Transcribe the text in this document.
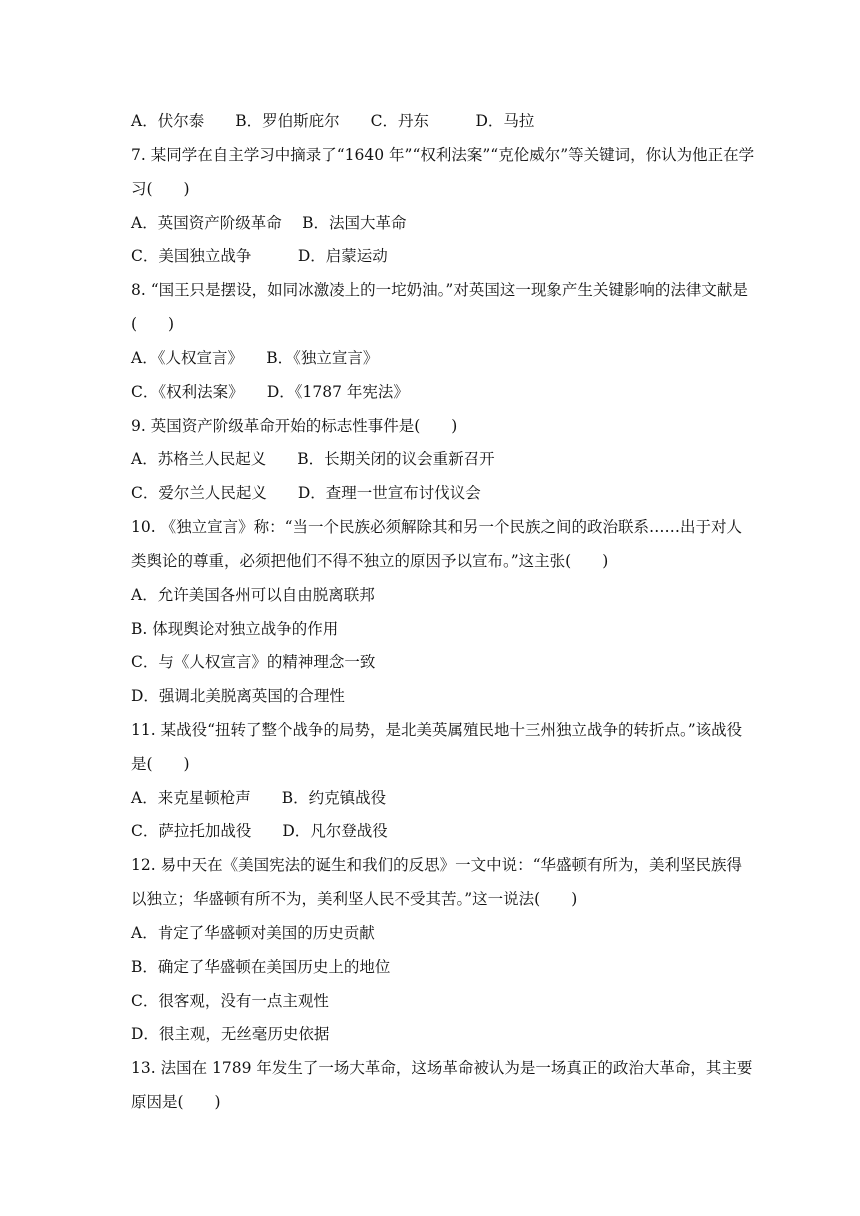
A．伏尔泰　　B．罗伯斯庇尔　　C．丹东　　　D．马拉
7. 某同学在自主学习中摘录了“1640 年”“权利法案”“克伦威尔”等关键词，你认为他正在学
习(　　)
A．英国资产阶级革命　 B．法国大革命
C．美国独立战争　　　D．启蒙运动
8. “国王只是摆设，如同冰激凌上的一坨奶油。”对英国这一现象产生关键影响的法律文献是
(　　)
A．《人权宣言》　　B．《独立宣言》
C．《权利法案》　　D．《1787 年宪法》
9. 英国资产阶级革命开始的标志性事件是(　　)
A．苏格兰人民起义　　B．长期关闭的议会重新召开
C．爱尔兰人民起义　　D．查理一世宣布讨伐议会
10. 《独立宣言》称：“当一个民族必须解除其和另一个民族之间的政治联系……出于对人
类舆论的尊重，必须把他们不得不独立的原因予以宣布。”这主张(　　)
A．允许美国各州可以自由脱离联邦
B. 体现舆论对独立战争的作用
C．与《人权宣言》的精神理念一致
D．强调北美脱离英国的合理性
11. 某战役“扭转了整个战争的局势，是北美英属殖民地十三州独立战争的转折点。”该战役
是(　　)
A．来克星顿枪声　　B．约克镇战役
C．萨拉托加战役　　D．凡尔登战役
12. 易中天在《美国宪法的诞生和我们的反思》一文中说：“华盛顿有所为，美利坚民族得
以独立；华盛顿有所不为，美利坚人民不受其苦。”这一说法(　　)
A．肯定了华盛顿对美国的历史贡献
B．确定了华盛顿在美国历史上的地位
C．很客观，没有一点主观性
D．很主观，无丝毫历史依据
13. 法国在 1789 年发生了一场大革命，这场革命被认为是一场真正的政治大革命，其主要
原因是(　　)
